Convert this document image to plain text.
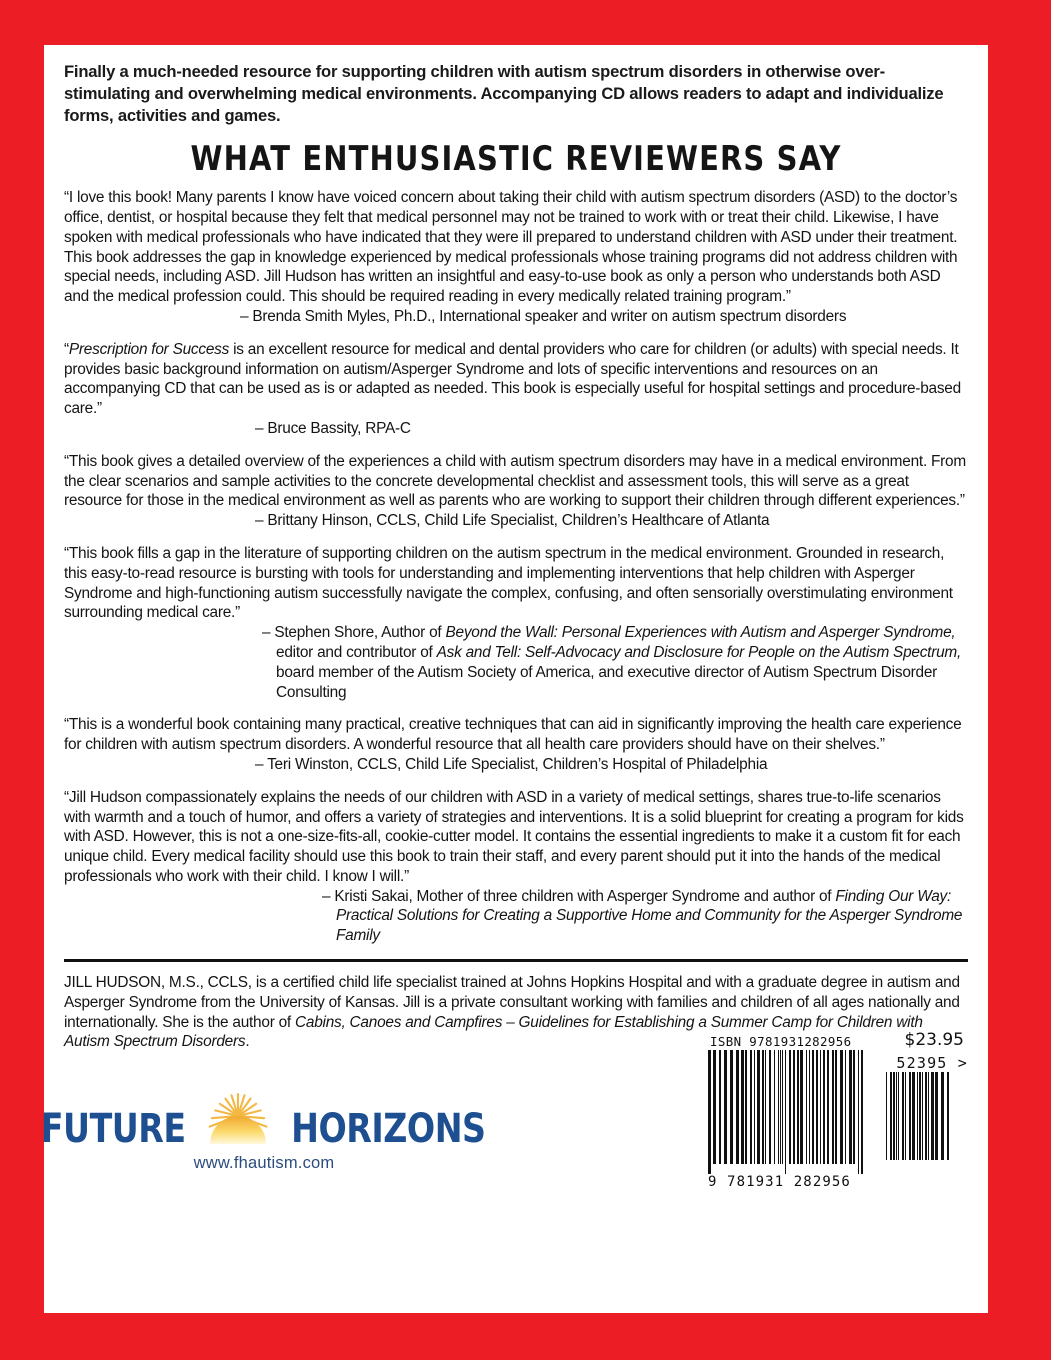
Finally a much-needed resource for supporting children with autism spectrum disorders in otherwise over-stimulating and overwhelming medical environments. Accompanying CD allows readers to adapt and individualize forms, activities and games.

WHAT ENTHUSIASTIC REVIEWERS SAY

“I love this book! Many parents I know have voiced concern about taking their child with autism spectrum disorders (ASD) to the doctor’s office, dentist, or hospital because they felt that medical personnel may not be trained to work with or treat their child. Likewise, I have spoken with medical professionals who have indicated that they were ill prepared to understand children with ASD under their treatment. This book addresses the gap in knowledge experienced by medical professionals whose training programs did not address children with special needs, including ASD. Jill Hudson has written an insightful and easy-to-use book as only a person who understands both ASD and the medical profession could. This should be required reading in every medically related training program.”

– Brenda Smith Myles, Ph.D., International speaker and writer on autism spectrum disorders

“Prescription for Success is an excellent resource for medical and dental providers who care for children (or adults) with special needs. It provides basic background information on autism/Asperger Syndrome and lots of specific interventions and resources on an accompanying CD that can be used as is or adapted as needed. This book is especially useful for hospital settings and procedure-based care.”

– Bruce Bassity, RPA-C

“This book gives a detailed overview of the experiences a child with autism spectrum disorders may have in a medical environment. From the clear scenarios and sample activities to the concrete developmental checklist and assessment tools, this will serve as a great resource for those in the medical environment as well as parents who are working to support their children through different experiences.”

– Brittany Hinson, CCLS, Child Life Specialist, Children’s Healthcare of Atlanta

“This book fills a gap in the literature of supporting children on the autism spectrum in the medical environment. Grounded in research, this easy-to-read resource is bursting with tools for understanding and implementing interventions that help children with Asperger Syndrome and high-functioning autism successfully navigate the complex, confusing, and often sensorially overstimulating environment surrounding medical care.”

– Stephen Shore, Author of Beyond the Wall: Personal Experiences with Autism and Asperger Syndrome, editor and contributor of Ask and Tell: Self-Advocacy and Disclosure for People on the Autism Spectrum, board member of the Autism Society of America, and executive director of Autism Spectrum Disorder Consulting

“This is a wonderful book containing many practical, creative techniques that can aid in significantly improving the health care experience for children with autism spectrum disorders. A wonderful resource that all health care providers should have on their shelves.”

– Teri Winston, CCLS, Child Life Specialist, Children’s Hospital of Philadelphia

“Jill Hudson compassionately explains the needs of our children with ASD in a variety of medical settings, shares true-to-life scenarios with warmth and a touch of humor, and offers a variety of strategies and interventions. It is a solid blueprint for creating a program for kids with ASD. However, this is not a one-size-fits-all, cookie-cutter model. It contains the essential ingredients to make it a custom fit for each unique child. Every medical facility should use this book to train their staff, and every parent should put it into the hands of the medical professionals who work with their child. I know I will.”

– Kristi Sakai, Mother of three children with Asperger Syndrome and author of Finding Our Way: Practical Solutions for Creating a Supportive Home and Community for the Asperger Syndrome Family

JILL HUDSON, M.S., CCLS, is a certified child life specialist trained at Johns Hopkins Hospital and with a graduate degree in autism and Asperger Syndrome from the University of Kansas. Jill is a private consultant working with families and children of all ages nationally and internationally. She is the author of Cabins, Canoes and Campfires – Guidelines for Establishing a Summer Camp for Children with Autism Spectrum Disorders.

FUTURE	HORIZONS
www.fhautism.com
ISBN 9781931282956	$23.95
52395 >
9 781931 282956
